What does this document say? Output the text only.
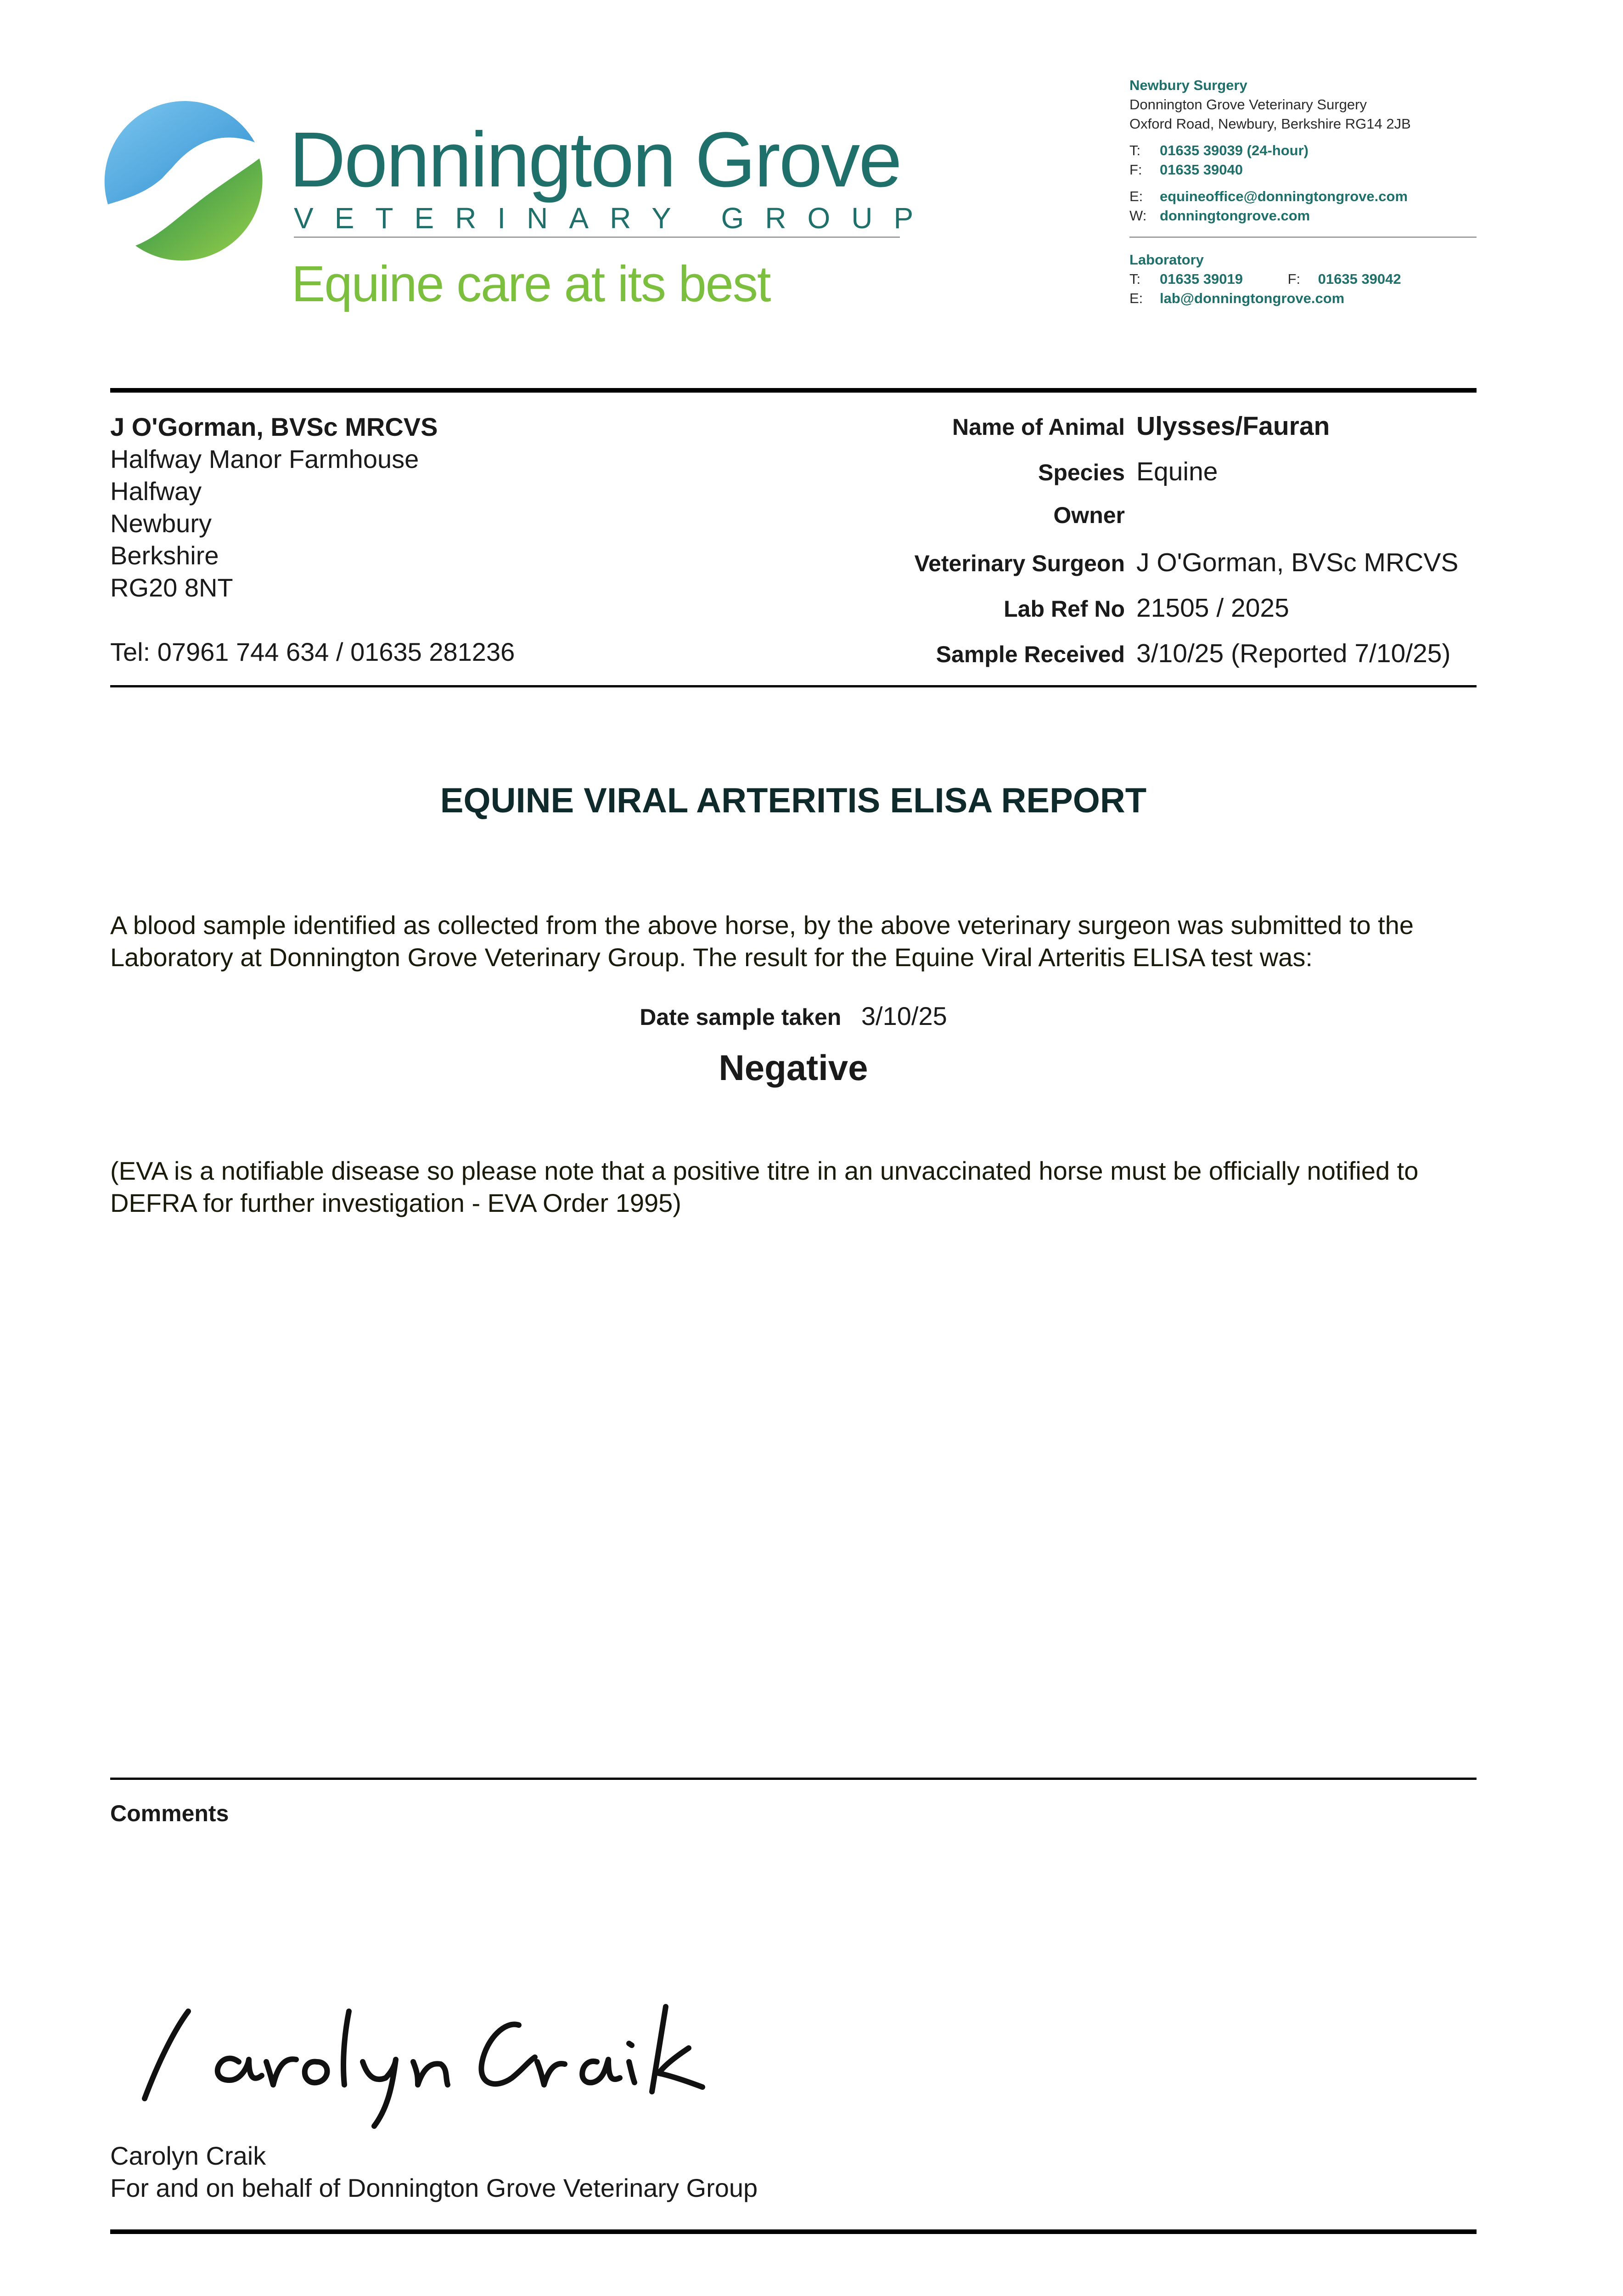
Donnington Grove
VETERINARY GROUP
Equine care at its best
Newbury Surgery
Donnington Grove Veterinary Surgery
Oxford Road, Newbury, Berkshire RG14 2JB
T: 01635 39039 (24-hour)
F: 01635 39040
E: equineoffice@donningtongrove.com
W: donningtongrove.com
Laboratory
T: 01635 39019	F: 01635 39042
E: lab@donningtongrove.com
J O'Gorman, BVSc MRCVS
Halfway Manor Farmhouse
Halfway
Newbury
Berkshire
RG20 8NT
Tel: 07961 744 634 / 01635 281236
Name of Animal Ulysses/Fauran
Species Equine
Owner
Veterinary Surgeon J O'Gorman, BVSc MRCVS
Lab Ref No 21505 / 2025
Sample Received 3/10/25 (Reported 7/10/25)
EQUINE VIRAL ARTERITIS ELISA REPORT
A blood sample identified as collected from the above horse, by the above veterinary surgeon was submitted to the Laboratory at Donnington Grove Veterinary Group. The result for the Equine Viral Arteritis ELISA test was:
Date sample taken 3/10/25
Negative
(EVA is a notifiable disease so please note that a positive titre in an unvaccinated horse must be officially notified to DEFRA for further investigation - EVA Order 1995)
Comments
Carolyn Craik
For and on behalf of Donnington Grove Veterinary Group
